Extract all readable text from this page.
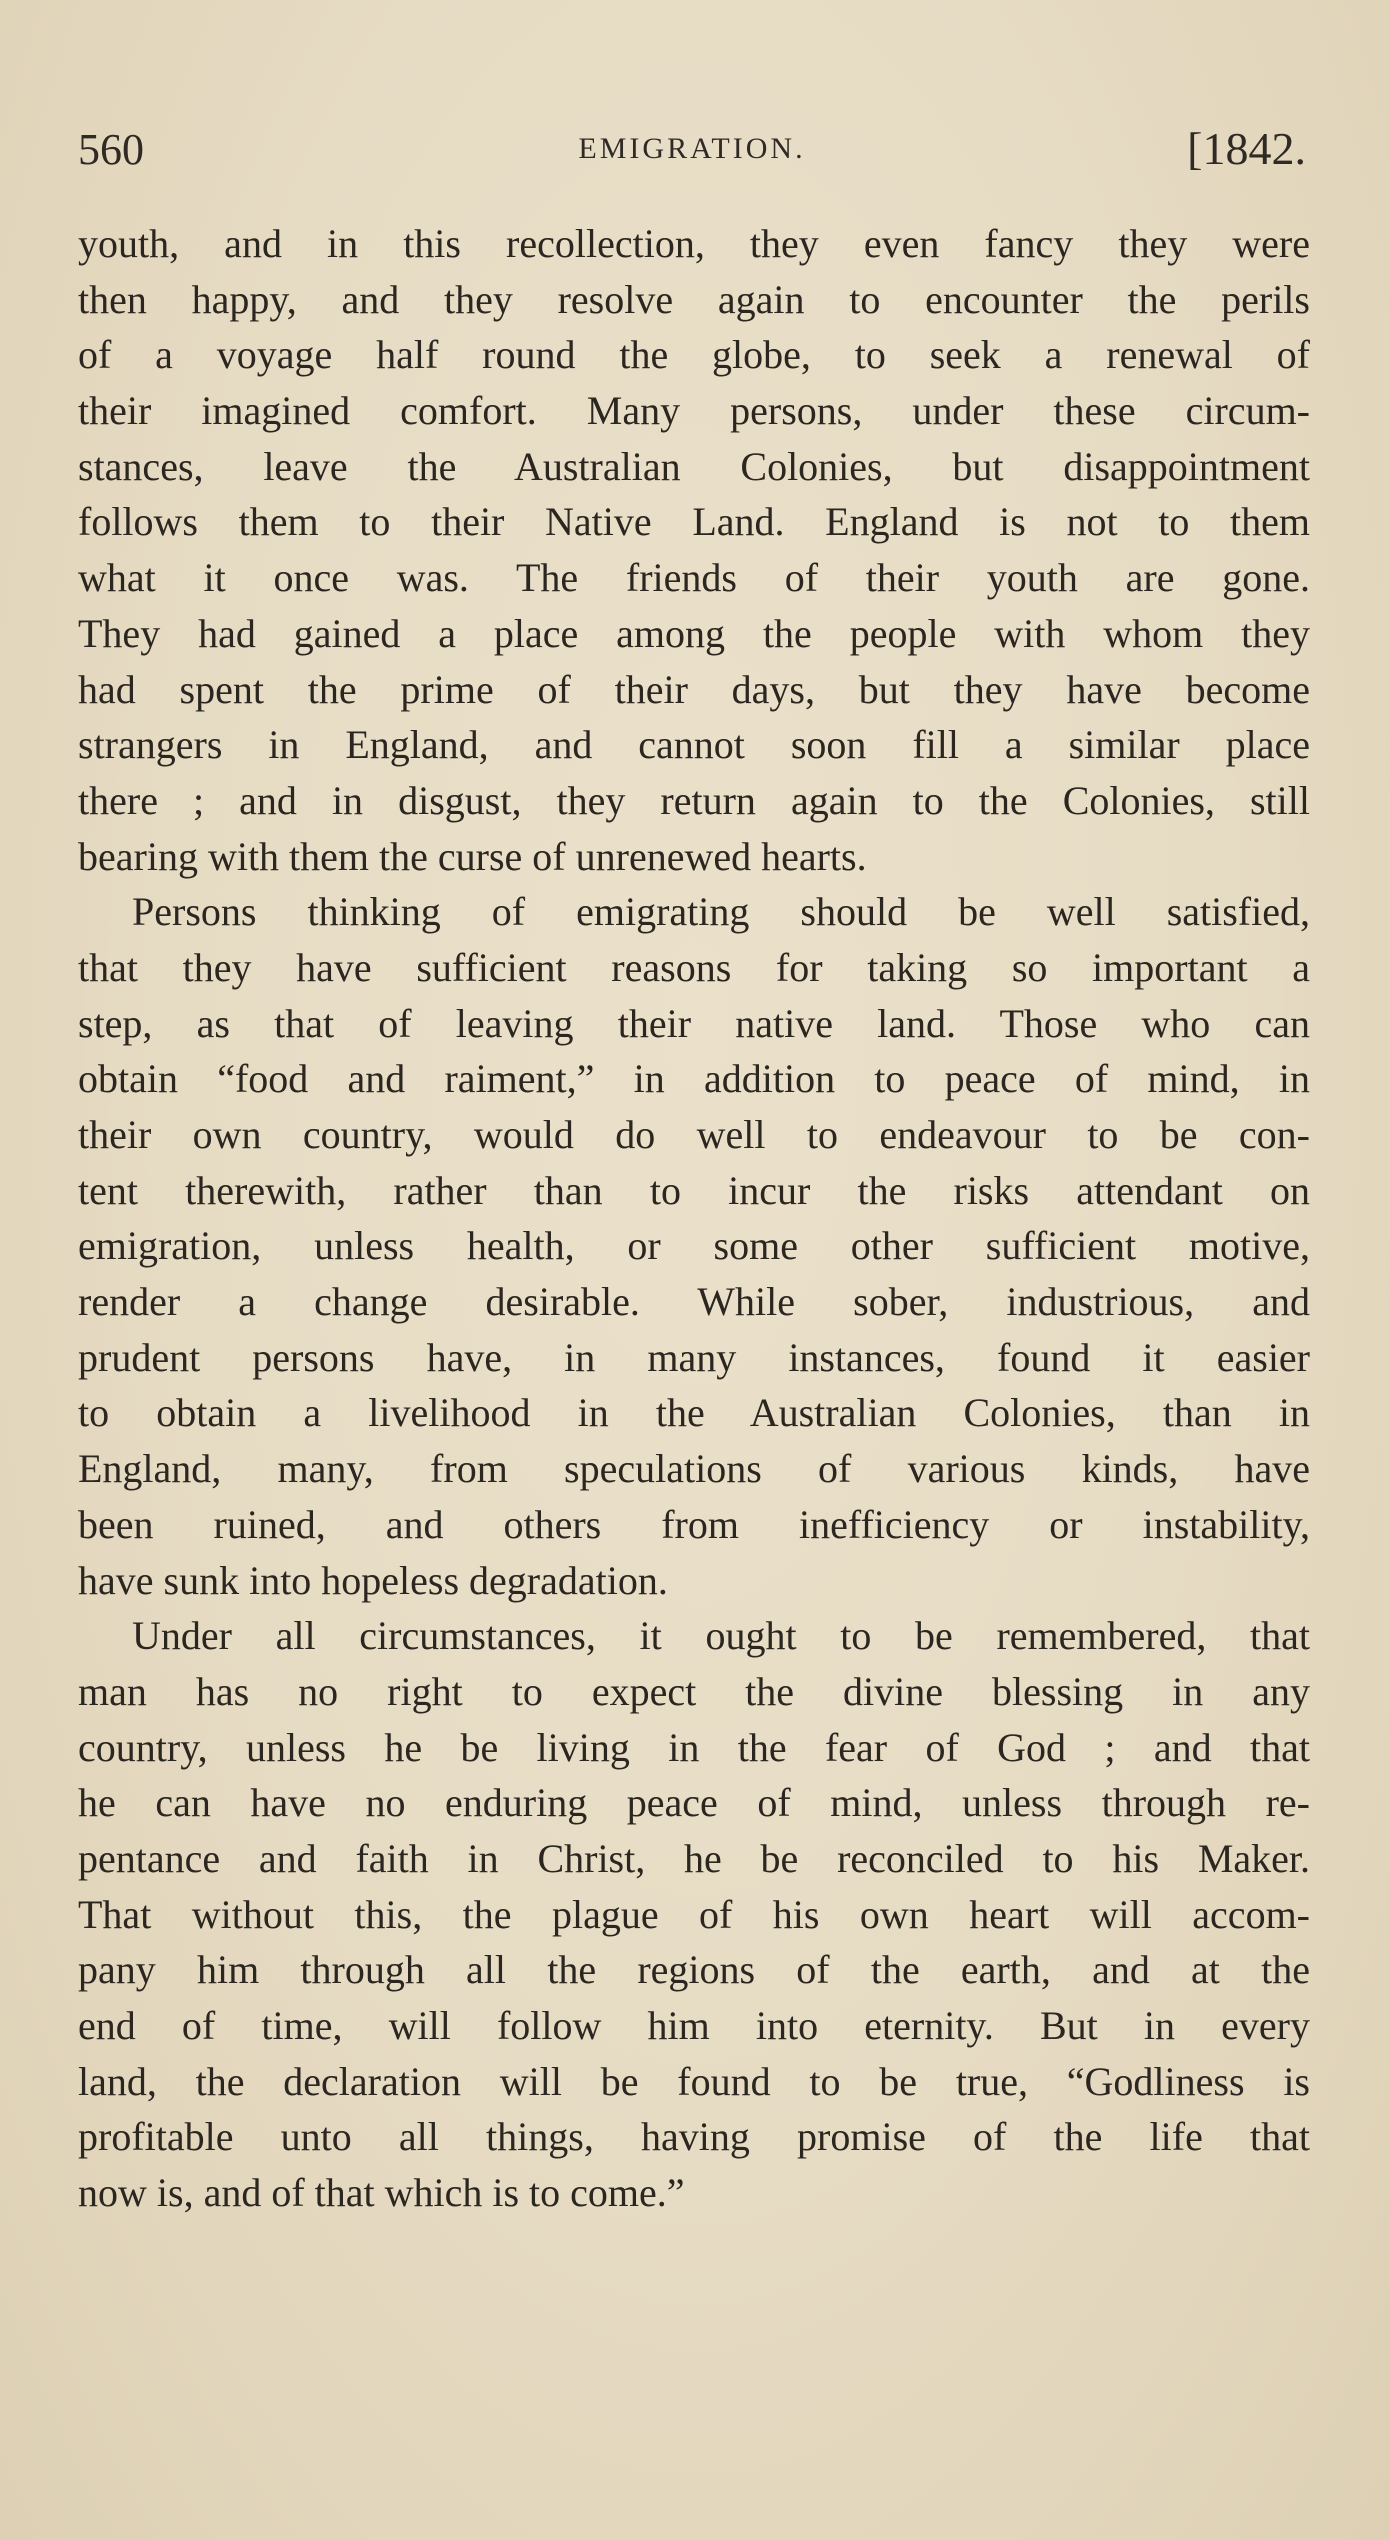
560	EMIGRATION.	[1842.
youth, and in this recollection, they even fancy they were
then happy, and they resolve again to encounter the perils
of a voyage half round the globe, to seek a renewal of
their imagined comfort. Many persons, under these circum-
stances, leave the Australian Colonies, but disappointment
follows them to their Native Land. England is not to them
what it once was. The friends of their youth are gone.
They had gained a place among the people with whom they
had spent the prime of their days, but they have become
strangers in England, and cannot soon fill a similar place
there ; and in disgust, they return again to the Colonies, still
bearing with them the curse of unrenewed hearts.
Persons thinking of emigrating should be well satisfied,
that they have sufficient reasons for taking so important a
step, as that of leaving their native land. Those who can
obtain “food and raiment,” in addition to peace of mind, in
their own country, would do well to endeavour to be con-
tent therewith, rather than to incur the risks attendant on
emigration, unless health, or some other sufficient motive,
render a change desirable. While sober, industrious, and
prudent persons have, in many instances, found it easier
to obtain a livelihood in the Australian Colonies, than in
England, many, from speculations of various kinds, have
been ruined, and others from inefficiency or instability,
have sunk into hopeless degradation.
Under all circumstances, it ought to be remembered, that
man has no right to expect the divine blessing in any
country, unless he be living in the fear of God ; and that
he can have no enduring peace of mind, unless through re-
pentance and faith in Christ, he be reconciled to his Maker.
That without this, the plague of his own heart will accom-
pany him through all the regions of the earth, and at the
end of time, will follow him into eternity. But in every
land, the declaration will be found to be true, “Godliness is
profitable unto all things, having promise of the life that
now is, and of that which is to come.”
